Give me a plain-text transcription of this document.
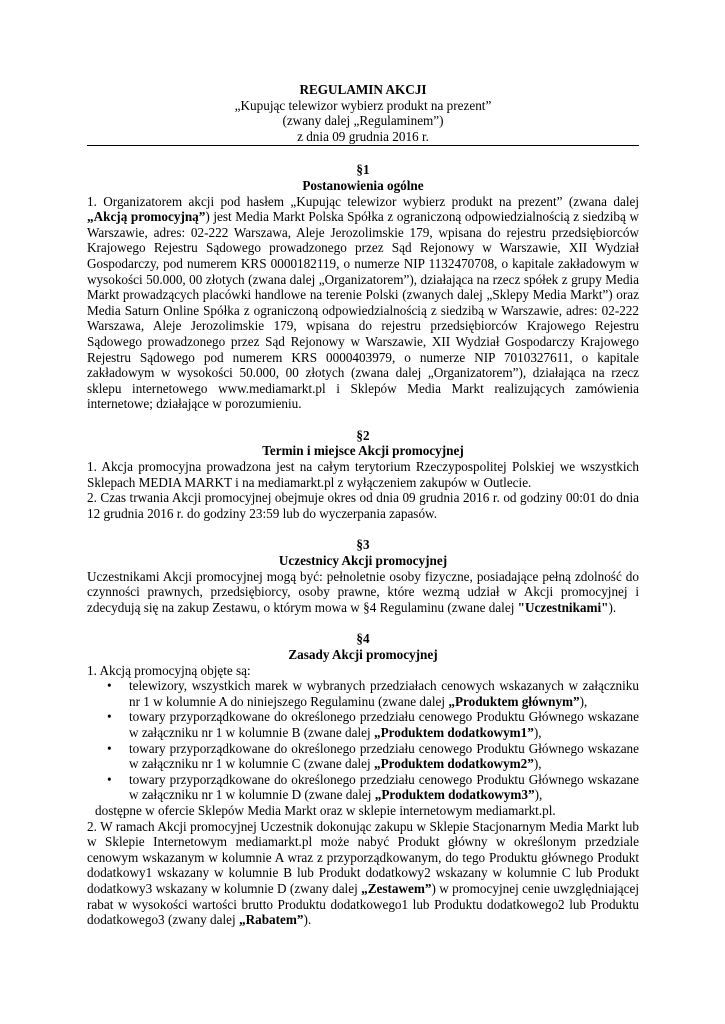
REGULAMIN AKCJI
„Kupując telewizor wybierz produkt na prezent”
(zwany dalej „Regulaminem”)
z dnia 09 grudnia 2016 r.
§1
Postanowienia ogólne

1. Organizatorem akcji pod hasłem „Kupując telewizor wybierz produkt na prezent” (zwana dalej „Akcją promocyjną”) jest Media Markt Polska Spółka z ograniczoną odpowiedzialnością z siedzibą w Warszawie, adres: 02-222 Warszawa, Aleje Jerozolimskie 179, wpisana do rejestru przedsiębiorców Krajowego Rejestru Sądowego prowadzonego przez Sąd Rejonowy w Warszawie, XII Wydział Gospodarczy, pod numerem KRS 0000182119, o numerze NIP 1132470708, o kapitale zakładowym w wysokości 50.000, 00 złotych (zwana dalej „Organizatorem”), działająca na rzecz spółek z grupy Media Markt prowadzących placówki handlowe na terenie Polski (zwanych dalej „Sklepy Media Markt”) oraz Media Saturn Online Spółka z ograniczoną odpowiedzialnością z siedzibą w Warszawie, adres: 02-222 Warszawa, Aleje Jerozolimskie 179, wpisana do rejestru przedsiębiorców Krajowego Rejestru Sądowego prowadzonego przez Sąd Rejonowy w Warszawie, XII Wydział Gospodarczy Krajowego Rejestru Sądowego pod numerem KRS 0000403979, o numerze NIP 7010327611, o kapitale zakładowym w wysokości 50.000, 00 złotych (zwana dalej „Organizatorem”), działająca na rzecz sklepu internetowego www.mediamarkt.pl i Sklepów Media Markt realizujących zamówienia internetowe; działające w porozumieniu.

§2
Termin i miejsce Akcji promocyjnej

1. Akcja promocyjna prowadzona jest na całym terytorium Rzeczypospolitej Polskiej we wszystkich Sklepach MEDIA MARKT i na mediamarkt.pl z wyłączeniem zakupów w Outlecie.

2. Czas trwania Akcji promocyjnej obejmuje okres od dnia 09 grudnia 2016 r. od godziny 00:01 do dnia 12 grudnia 2016 r. do godziny 23:59 lub do wyczerpania zapasów.

§3
Uczestnicy Akcji promocyjnej

Uczestnikami Akcji promocyjnej mogą być: pełnoletnie osoby fizyczne, posiadające pełną zdolność do czynności prawnych, przedsiębiorcy, osoby prawne, które wezmą udział w Akcji promocyjnej i zdecydują się na zakup Zestawu, o którym mowa w §4 Regulaminu (zwane dalej "Uczestnikami").

§4
Zasady Akcji promocyjnej

1. Akcją promocyjną objęte są:

• telewizory, wszystkich marek w wybranych przedziałach cenowych wskazanych w załączniku nr 1 w kolumnie A do niniejszego Regulaminu (zwane dalej „Produktem głównym”),
• towary przyporządkowane do określonego przedziału cenowego Produktu Głównego wskazane w załączniku nr 1 w kolumnie B (zwane dalej „Produktem dodatkowym1”),
• towary przyporządkowane do określonego przedziału cenowego Produktu Głównego wskazane w załączniku nr 1 w kolumnie C (zwane dalej „Produktem dodatkowym2”),
• towary przyporządkowane do określonego przedziału cenowego Produktu Głównego wskazane w załączniku nr 1 w kolumnie D (zwane dalej „Produktem dodatkowym3”),

dostępne w ofercie Sklepów Media Markt oraz w sklepie internetowym mediamarkt.pl.

2. W ramach Akcji promocyjnej Uczestnik dokonując zakupu w Sklepie Stacjonarnym Media Markt lub w Sklepie Internetowym mediamarkt.pl może nabyć Produkt główny w określonym przedziale cenowym wskazanym w kolumnie A wraz z przyporządkowanym, do tego Produktu głównego Produkt dodatkowy1 wskazany w kolumnie B lub Produkt dodatkowy2 wskazany w kolumnie C lub Produkt dodatkowy3 wskazany w kolumnie D (zwany dalej „Zestawem”) w promocyjnej cenie uwzględniającej rabat w wysokości wartości brutto Produktu dodatkowego1 lub Produktu dodatkowego2 lub Produktu dodatkowego3 (zwany dalej „Rabatem”).
